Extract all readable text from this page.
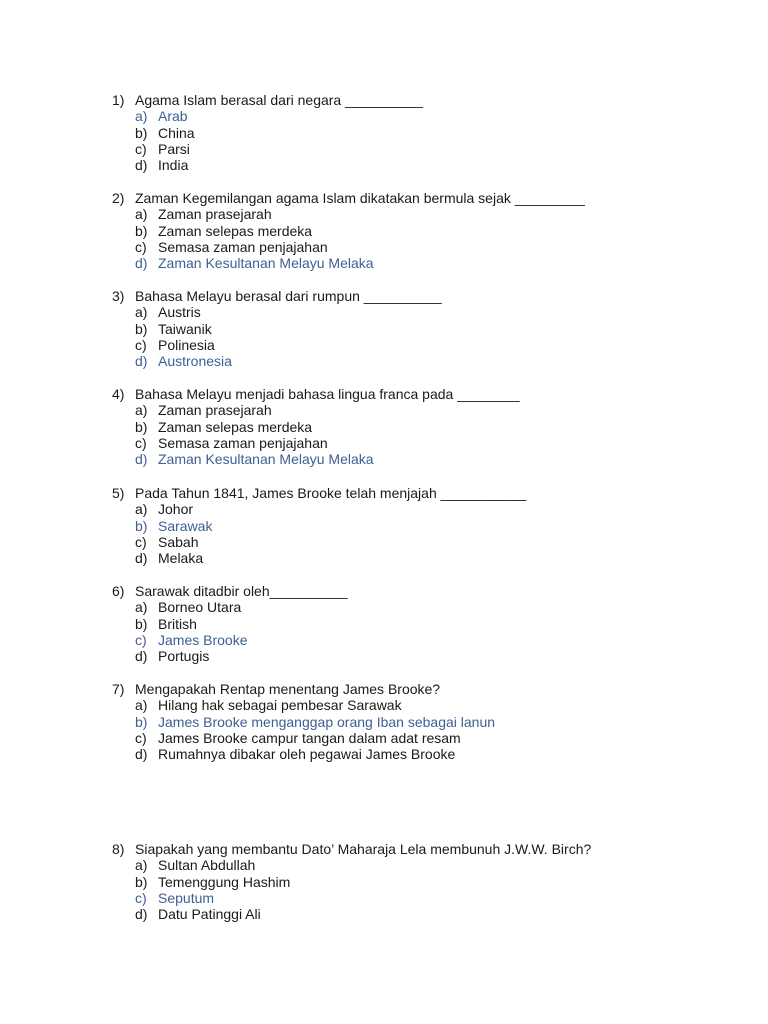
1) Agama Islam berasal dari negara __________
a) Arab
b) China
c) Parsi
d) India
2) Zaman Kegemilangan agama Islam dikatakan bermula sejak _________
a) Zaman prasejarah
b) Zaman selepas merdeka
c) Semasa zaman penjajahan
d) Zaman Kesultanan Melayu Melaka
3) Bahasa Melayu berasal dari rumpun __________
a) Austris
b) Taiwanik
c) Polinesia
d) Austronesia
4) Bahasa Melayu menjadi bahasa lingua franca pada ________
a) Zaman prasejarah
b) Zaman selepas merdeka
c) Semasa zaman penjajahan
d) Zaman Kesultanan Melayu Melaka
5) Pada Tahun 1841, James Brooke telah menjajah ___________
a) Johor
b) Sarawak
c) Sabah
d) Melaka
6) Sarawak ditadbir oleh__________
a) Borneo Utara
b) British
c) James Brooke
d) Portugis
7) Mengapakah Rentap menentang James Brooke?
a) Hilang hak sebagai pembesar Sarawak
b) James Brooke menganggap orang Iban sebagai lanun
c) James Brooke campur tangan dalam adat resam
d) Rumahnya dibakar oleh pegawai James Brooke
8) Siapakah yang membantu Dato’ Maharaja Lela membunuh J.W.W. Birch?
a) Sultan Abdullah
b) Temenggung Hashim
c) Seputum
d) Datu Patinggi Ali
